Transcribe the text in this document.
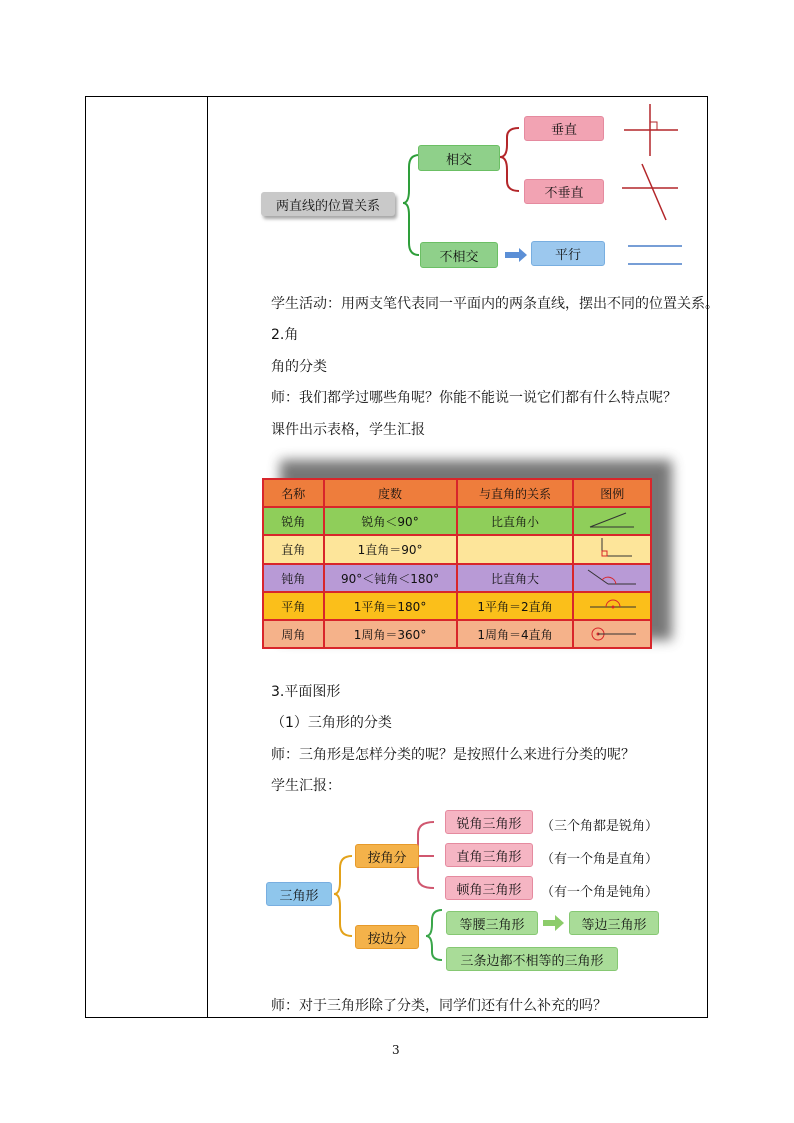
两直线的位置关系
相交
垂直
不垂直
不相交	平行
学生活动：用两支笔代表同一平面内的两条直线，摆出不同的位置关系。
2.角
角的分类
师：我们都学过哪些角呢？你能不能说一说它们都有什么特点呢？
课件出示表格，学生汇报
名称	度数	与直角的关系	图例
锐角	锐角＜90°	比直角小	
直角	1直角＝90°		
钝角	90°＜钝角＜180°	比直角大	
平角	1平角＝180°	1平角＝2直角	
周角	1周角＝360°	1周角＝4直角	
3.平面图形
（1）三角形的分类
师：三角形是怎样分类的呢？是按照什么来进行分类的呢？
学生汇报：
三角形
按角分
按边分
锐角三角形
直角三角形
顿角三角形
（三个角都是锐角）
（有一个角是直角）
（有一个角是钝角）
等腰三角形	等边三角形
三条边都不相等的三角形
师：对于三角形除了分类，同学们还有什么补充的吗？
3
